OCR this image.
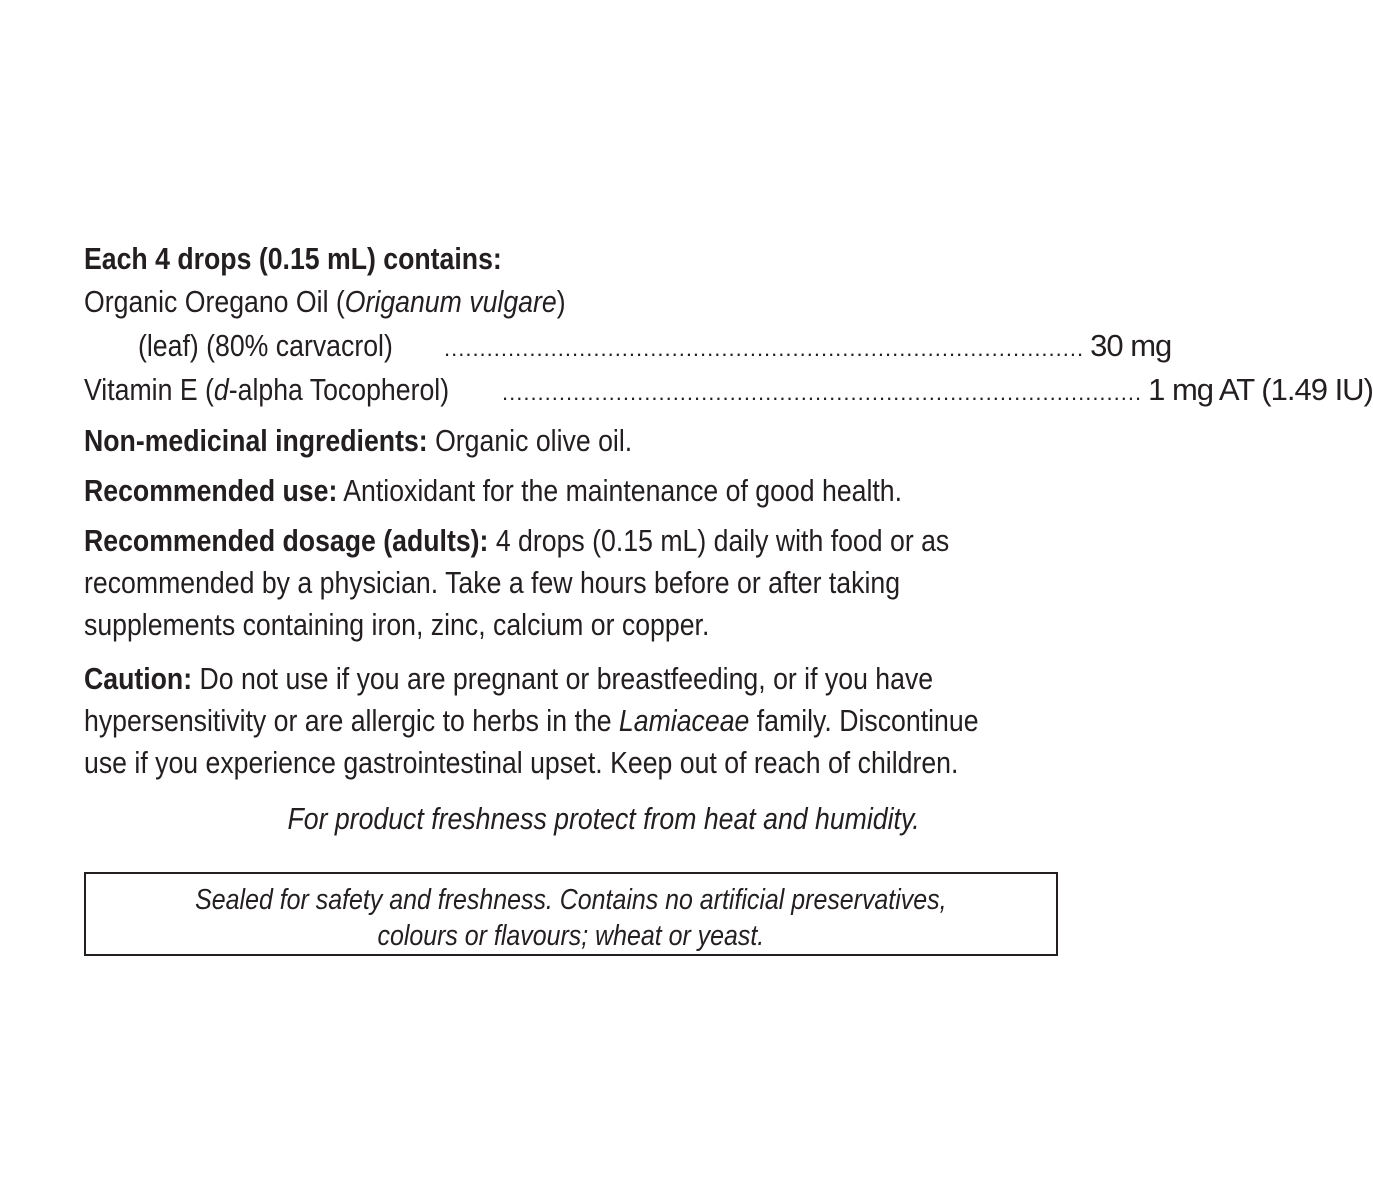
Each 4 drops (0.15 mL) contains:
Organic Oregano Oil (Origanum vulgare)
(leaf) (80% carvacrol) .......................................................................................... 30 mg
Vitamin E (d-alpha Tocopherol) .......................................................................................... 1 mg AT (1.49 IU)
Non-medicinal ingredients: Organic olive oil.
Recommended use: Antioxidant for the maintenance of good health.
Recommended dosage (adults): 4 drops (0.15 mL) daily with food or as
recommended by a physician. Take a few hours before or after taking
supplements containing iron, zinc, calcium or copper.
Caution: Do not use if you are pregnant or breastfeeding, or if you have
hypersensitivity or are allergic to herbs in the Lamiaceae family. Discontinue
use if you experience gastrointestinal upset. Keep out of reach of children.
For product freshness protect from heat and humidity.
Sealed for safety and freshness. Contains no artificial preservatives,
colours or flavours; wheat or yeast.
